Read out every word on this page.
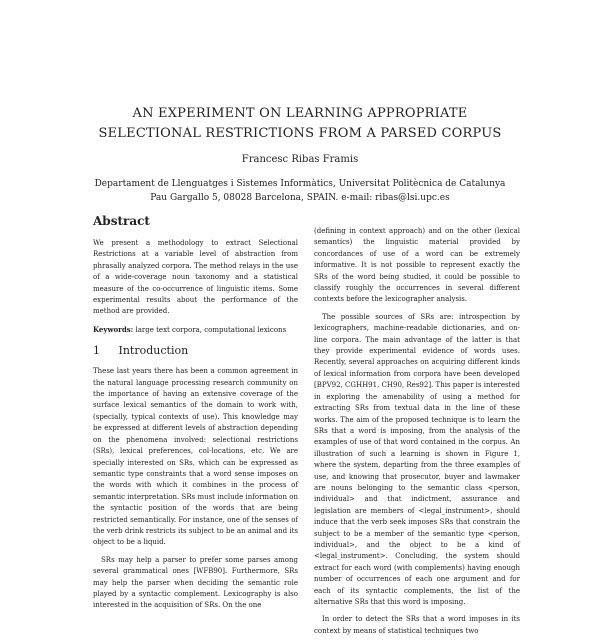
AN EXPERIMENT ON LEARNING APPROPRIATE
SELECTIONAL RESTRICTIONS FROM A PARSED CORPUS
Francesc Ribas Framis
Departament de Llenguatges i Sistemes Informàtics, Universitat Politècnica de Catalunya
Pau Gargallo 5, 08028 Barcelona, SPAIN. e-mail: ribas@lsi.upc.es
Abstract

We present a methodology to extract Selectional Restrictions at a variable level of abstraction from phrasally analyzed corpora. The method relays in the use of a wide-coverage noun taxonomy and a statistical measure of the co-occurrence of linguistic items. Some experimental results about the performance of the method are provided.

Keywords: large text corpora, computational lexicons

1 Introduction

These last years there has been a common agreement in the natural language processing research community on the importance of having an extensive coverage of the surface lexical semantics of the domain to work with, (specially, typical contexts of use). This knowledge may be expressed at different levels of abstraction depending on the phenomena involved: selectional restrictions (SRs), lexical preferences, col-locations, etc. We are specially interested on SRs, which can be expressed as semantic type constraints that a word sense imposes on the words with which it combines in the process of semantic interpretation. SRs must include information on the syntactic position of the words that are being restricted semantically. For instance, one of the senses of the verb drink restricts its subject to be an animal and its object to be a liquid.

SRs may help a parser to prefer some parses among several grammatical ones [WFB90]. Furthermore, SRs may help the parser when deciding the semantic role played by a syntactic complement. Lexicography is also interested in the acquisition of SRs. On the one

(defining in context approach) and on the other (lexical semantics) the linguistic material provided by concordances of use of a word can be extremely informative. It is not possible to represent exactly the SRs of the word being studied, it could be possible to classify roughly the occurrences in several different contexts before the lexicographer analysis.

The possible sources of SRs are: introspection by lexicographers, machine-readable dictionaries, and on-line corpora. The main advantage of the latter is that they provide experimental evidence of words uses. Recently, several approaches on acquiring different kinds of lexical information from corpora have been developed [BPV92, CGHH91, CH90, Res92]. This paper is interested in exploring the amenability of using a method for extracting SRs from textual data in the line of these works. The aim of the proposed technique is to learn the SRs that a word is imposing, from the analysis of the examples of use of that word contained in the corpus. An illustration of such a learning is shown in Figure 1, where the system, departing from the three examples of use, and knowing that prosecutor, buyer and lawmaker are nouns belonging to the semantic class <person, individual> and that indictment, assurance and legislation are members of <legal_instrument>, should induce that the verb seek imposes SRs that constrain the subject to be a member of the semantic type <person, individual>, and the object to be a kind of <legal_instrument>. Concluding, the system should extract for each word (with complements) having enough number of occurrences of each one argument and for each of its syntactic complements, the list of the alternative SRs that this word is imposing.

In order to detect the SRs that a word imposes in its context by means of statistical techniques two
